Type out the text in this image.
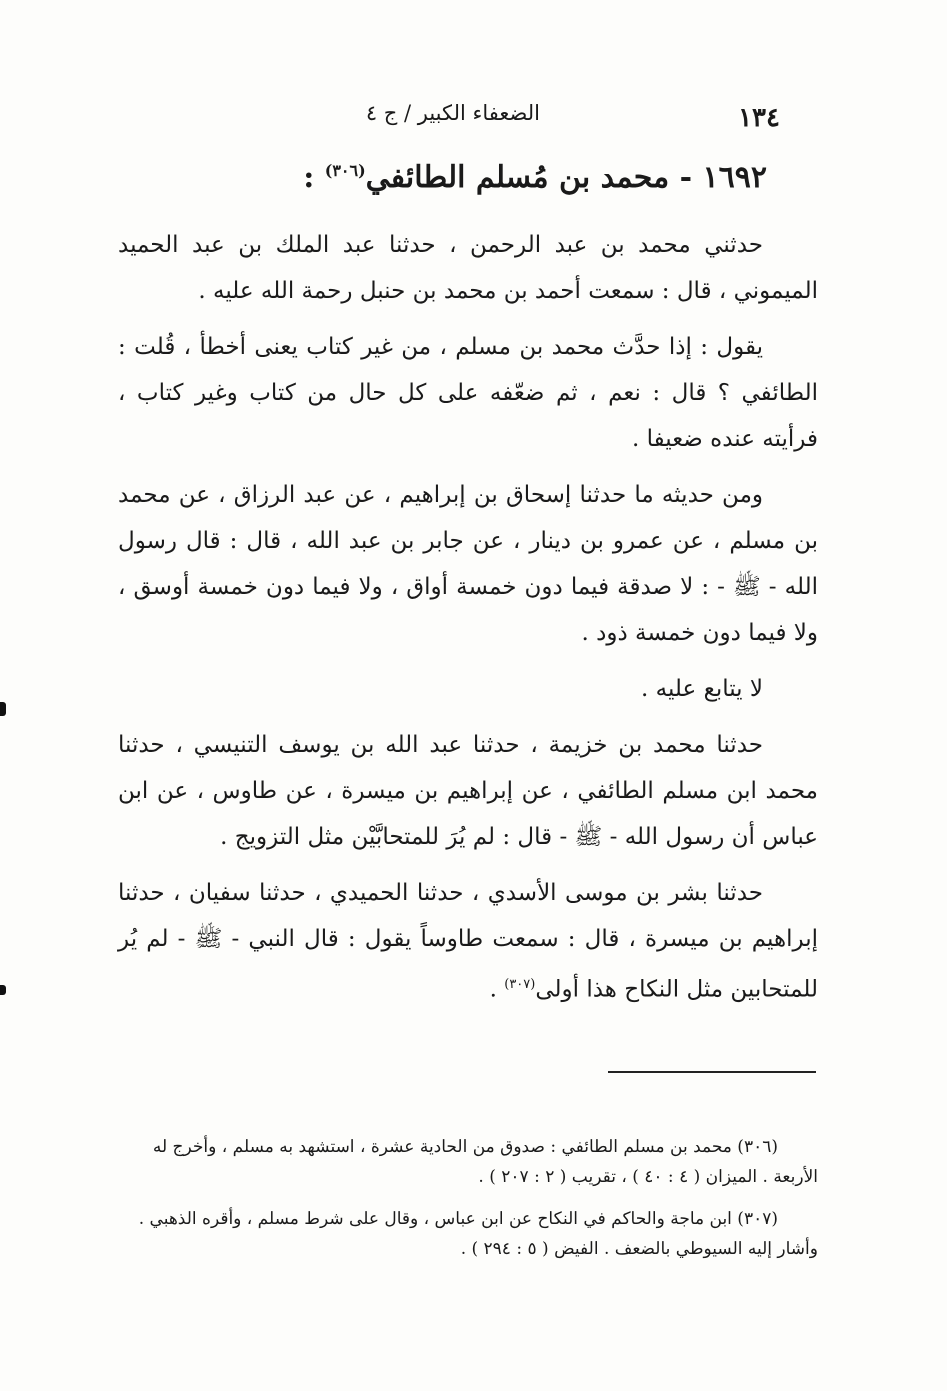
١٣٤
الضعفاء الكبير / ج ٤
١٦٩٢ - محمد بن مُسلم الطائفي$^{(٣٠٦)}$ :

حدثني محمد بن عبد الرحمن ، حدثنا عبد الملك بن عبد الحميد الميموني ، قال : سمعت أحمد بن محمد بن حنبل رحمة الله عليه .

يقول : إذا حدَّث محمد بن مسلم ، من غير كتاب يعنى أخطأ ، قُلت : الطائفي ؟ قال : نعم ، ثم ضعّفه على كل حال من كتاب وغير كتاب ، فرأيته عنده ضعيفا .

ومن حديثه ما حدثنا إسحاق بن إبراهيم ، عن عبد الرزاق ، عن محمد بن مسلم ، عن عمرو بن دينار ، عن جابر بن عبد الله ، قال : قال رسول الله - ﷺ - : لا صدقة فيما دون خمسة أواق ، ولا فيما دون خمسة أوسق ، ولا فيما دون خمسة ذود .

لا يتابع عليه .

حدثنا محمد بن خزيمة ، حدثنا عبد الله بن يوسف التنيسي ، حدثنا محمد ابن مسلم الطائفي ، عن إبراهيم بن ميسرة ، عن طاوس ، عن ابن عباس أن رسول الله - ﷺ - قال : لم يُرَ للمتحابَّيْن مثل التزويج .

حدثنا بشر بن موسى الأسدي ، حدثنا الحميدي ، حدثنا سفيان ، حدثنا إبراهيم بن ميسرة ، قال : سمعت طاوساً يقول : قال النبي - ﷺ - لم يُر للمتحابين مثل النكاح هذا أولى$^{(٣٠٧)}$ .

(٣٠٦) محمد بن مسلم الطائفي : صدوق من الحادية عشرة ، استشهد به مسلم ، وأخرج له الأربعة . الميزان ( ٤ : ٤٠ ) ، تقريب ( ٢ : ٢٠٧ ) .

(٣٠٧) ابن ماجة والحاكم في النكاح عن ابن عباس ، وقال على شرط مسلم ، وأقره الذهبي . وأشار إليه السيوطي بالضعف . الفيض ( ٥ : ٢٩٤ ) .
